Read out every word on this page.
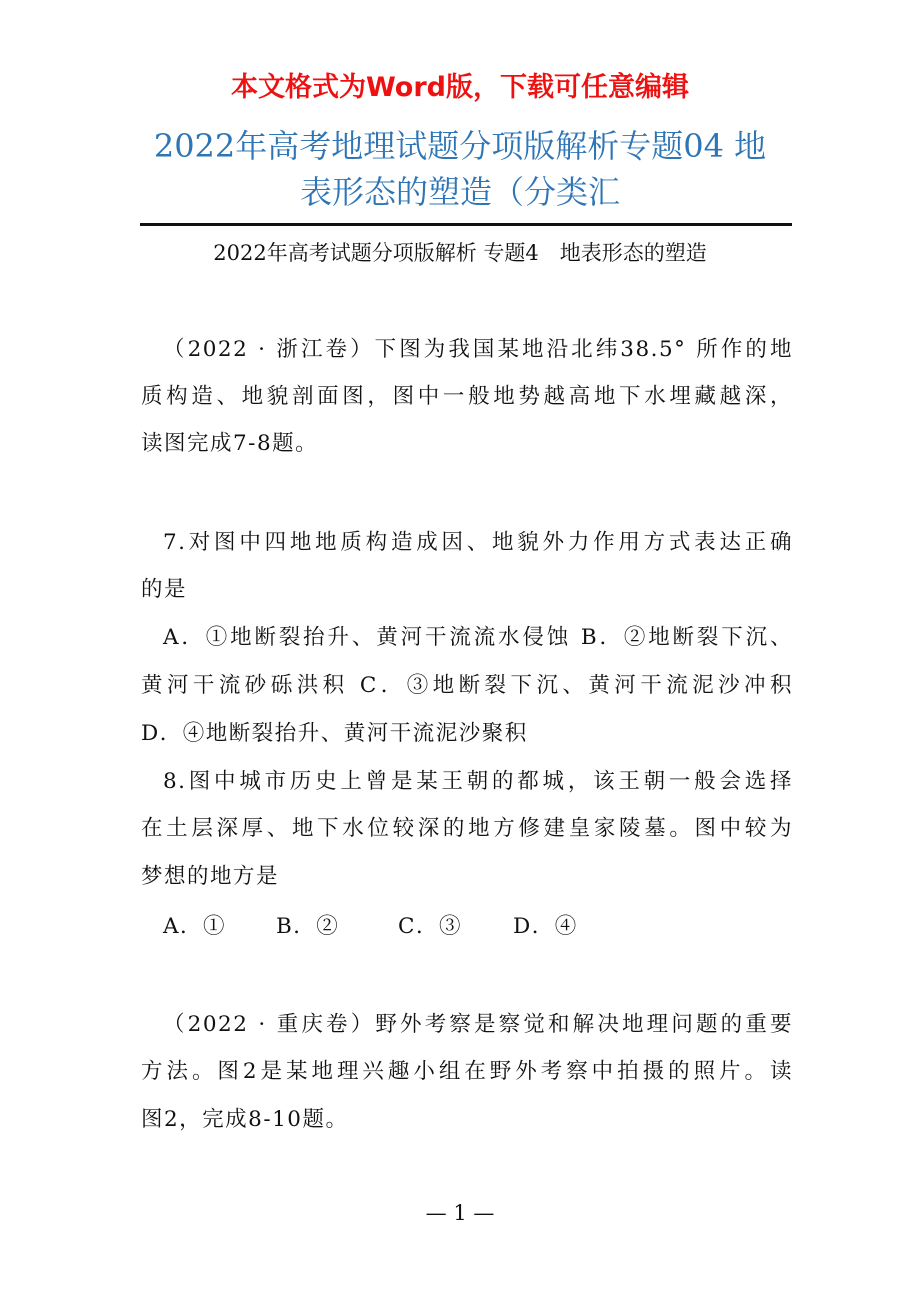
本文格式为Word版，下载可任意编辑
2022年高考地理试题分项版解析专题04 地
表形态的塑造（分类汇
2022年高考试题分项版解析 专题4　地表形态的塑造
（2022 · 浙江卷）下图为我国某地沿北纬38.5° 所作的地
质构造、地貌剖面图，图中一般地势越高地下水埋藏越深，
读图完成7-8题。
7.对图中四地地质构造成因、地貌外力作用方式表达正确
的是
A．①地断裂抬升、黄河干流流水侵蚀 B．②地断裂下沉、
黄河干流砂砾洪积 C．③地断裂下沉、黄河干流泥沙冲积
D．④地断裂抬升、黄河干流泥沙聚积
8.图中城市历史上曾是某王朝的都城，该王朝一般会选择
在土层深厚、地下水位较深的地方修建皇家陵墓。图中较为
梦想的地方是
A．① B．②	C．③ D．④
（2022 · 重庆卷）野外考察是察觉和解决地理问题的重要
方法。图2是某地理兴趣小组在野外考察中拍摄的照片。读
图2，完成8-10题。
— 1 —
